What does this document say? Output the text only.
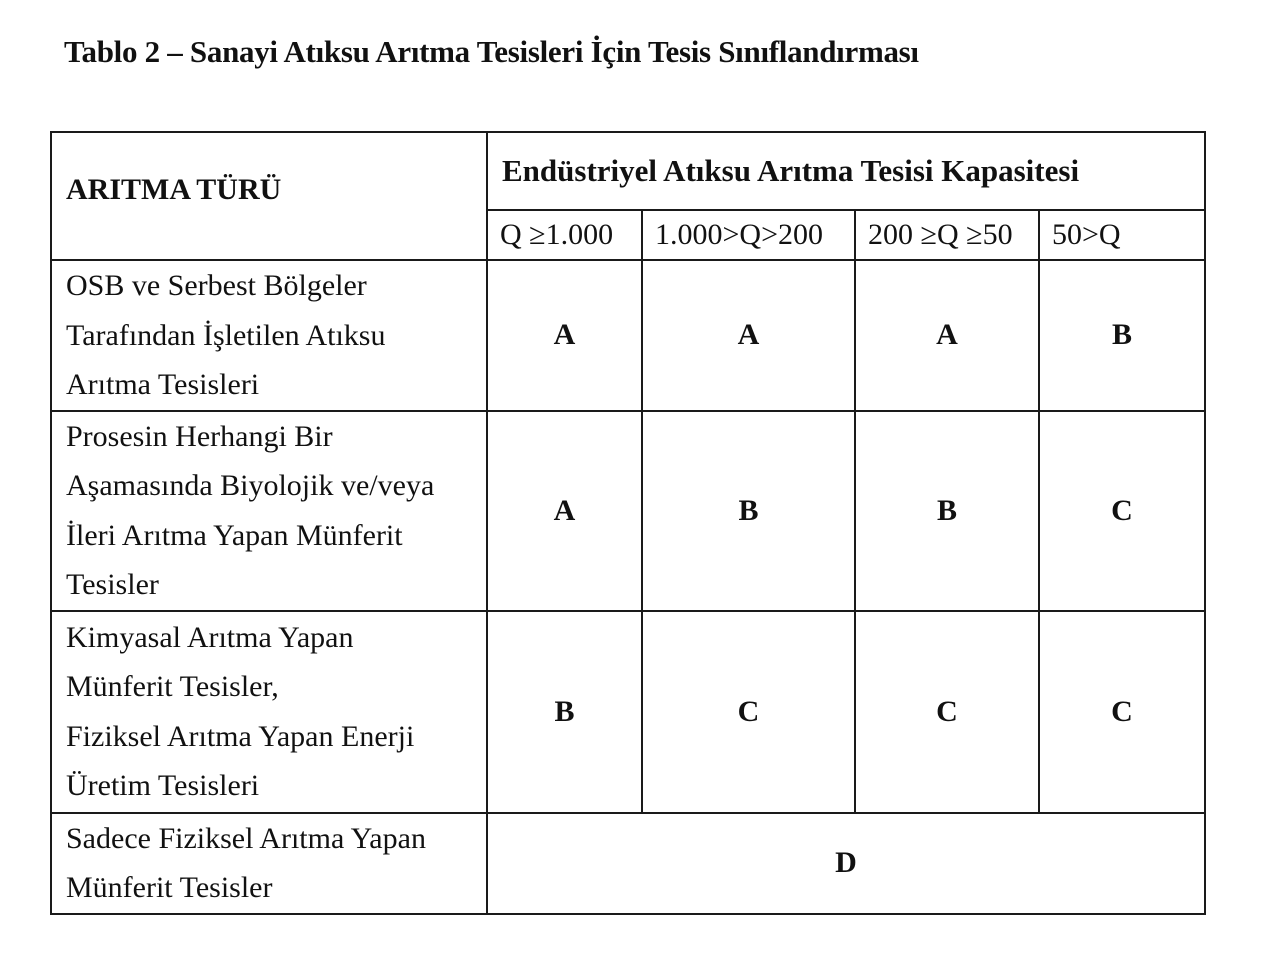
Tablo 2 – Sanayi Atıksu Arıtma Tesisleri İçin Tesis Sınıflandırması
ARITMA TÜRÜ	Endüstriyel Atıksu Arıtma Tesisi Kapasitesi			
	Q ≥1.000	1.000>Q>200	200 ≥Q ≥50	50>Q

OSB ve Serbest Bölgeler
Tarafından İşletilen Atıksu
Arıtma Tesisleri	A	A	A	B

Prosesin Herhangi Bir
Aşamasında Biyolojik ve/veya
İleri Arıtma Yapan Münferit
Tesisler	A	B	B	C

Kimyasal Arıtma Yapan
Münferit Tesisler,
Fiziksel Arıtma Yapan Enerji
Üretim Tesisleri	B	C	C	C

Sadece Fiziksel Arıtma Yapan
Münferit Tesisler	D			
